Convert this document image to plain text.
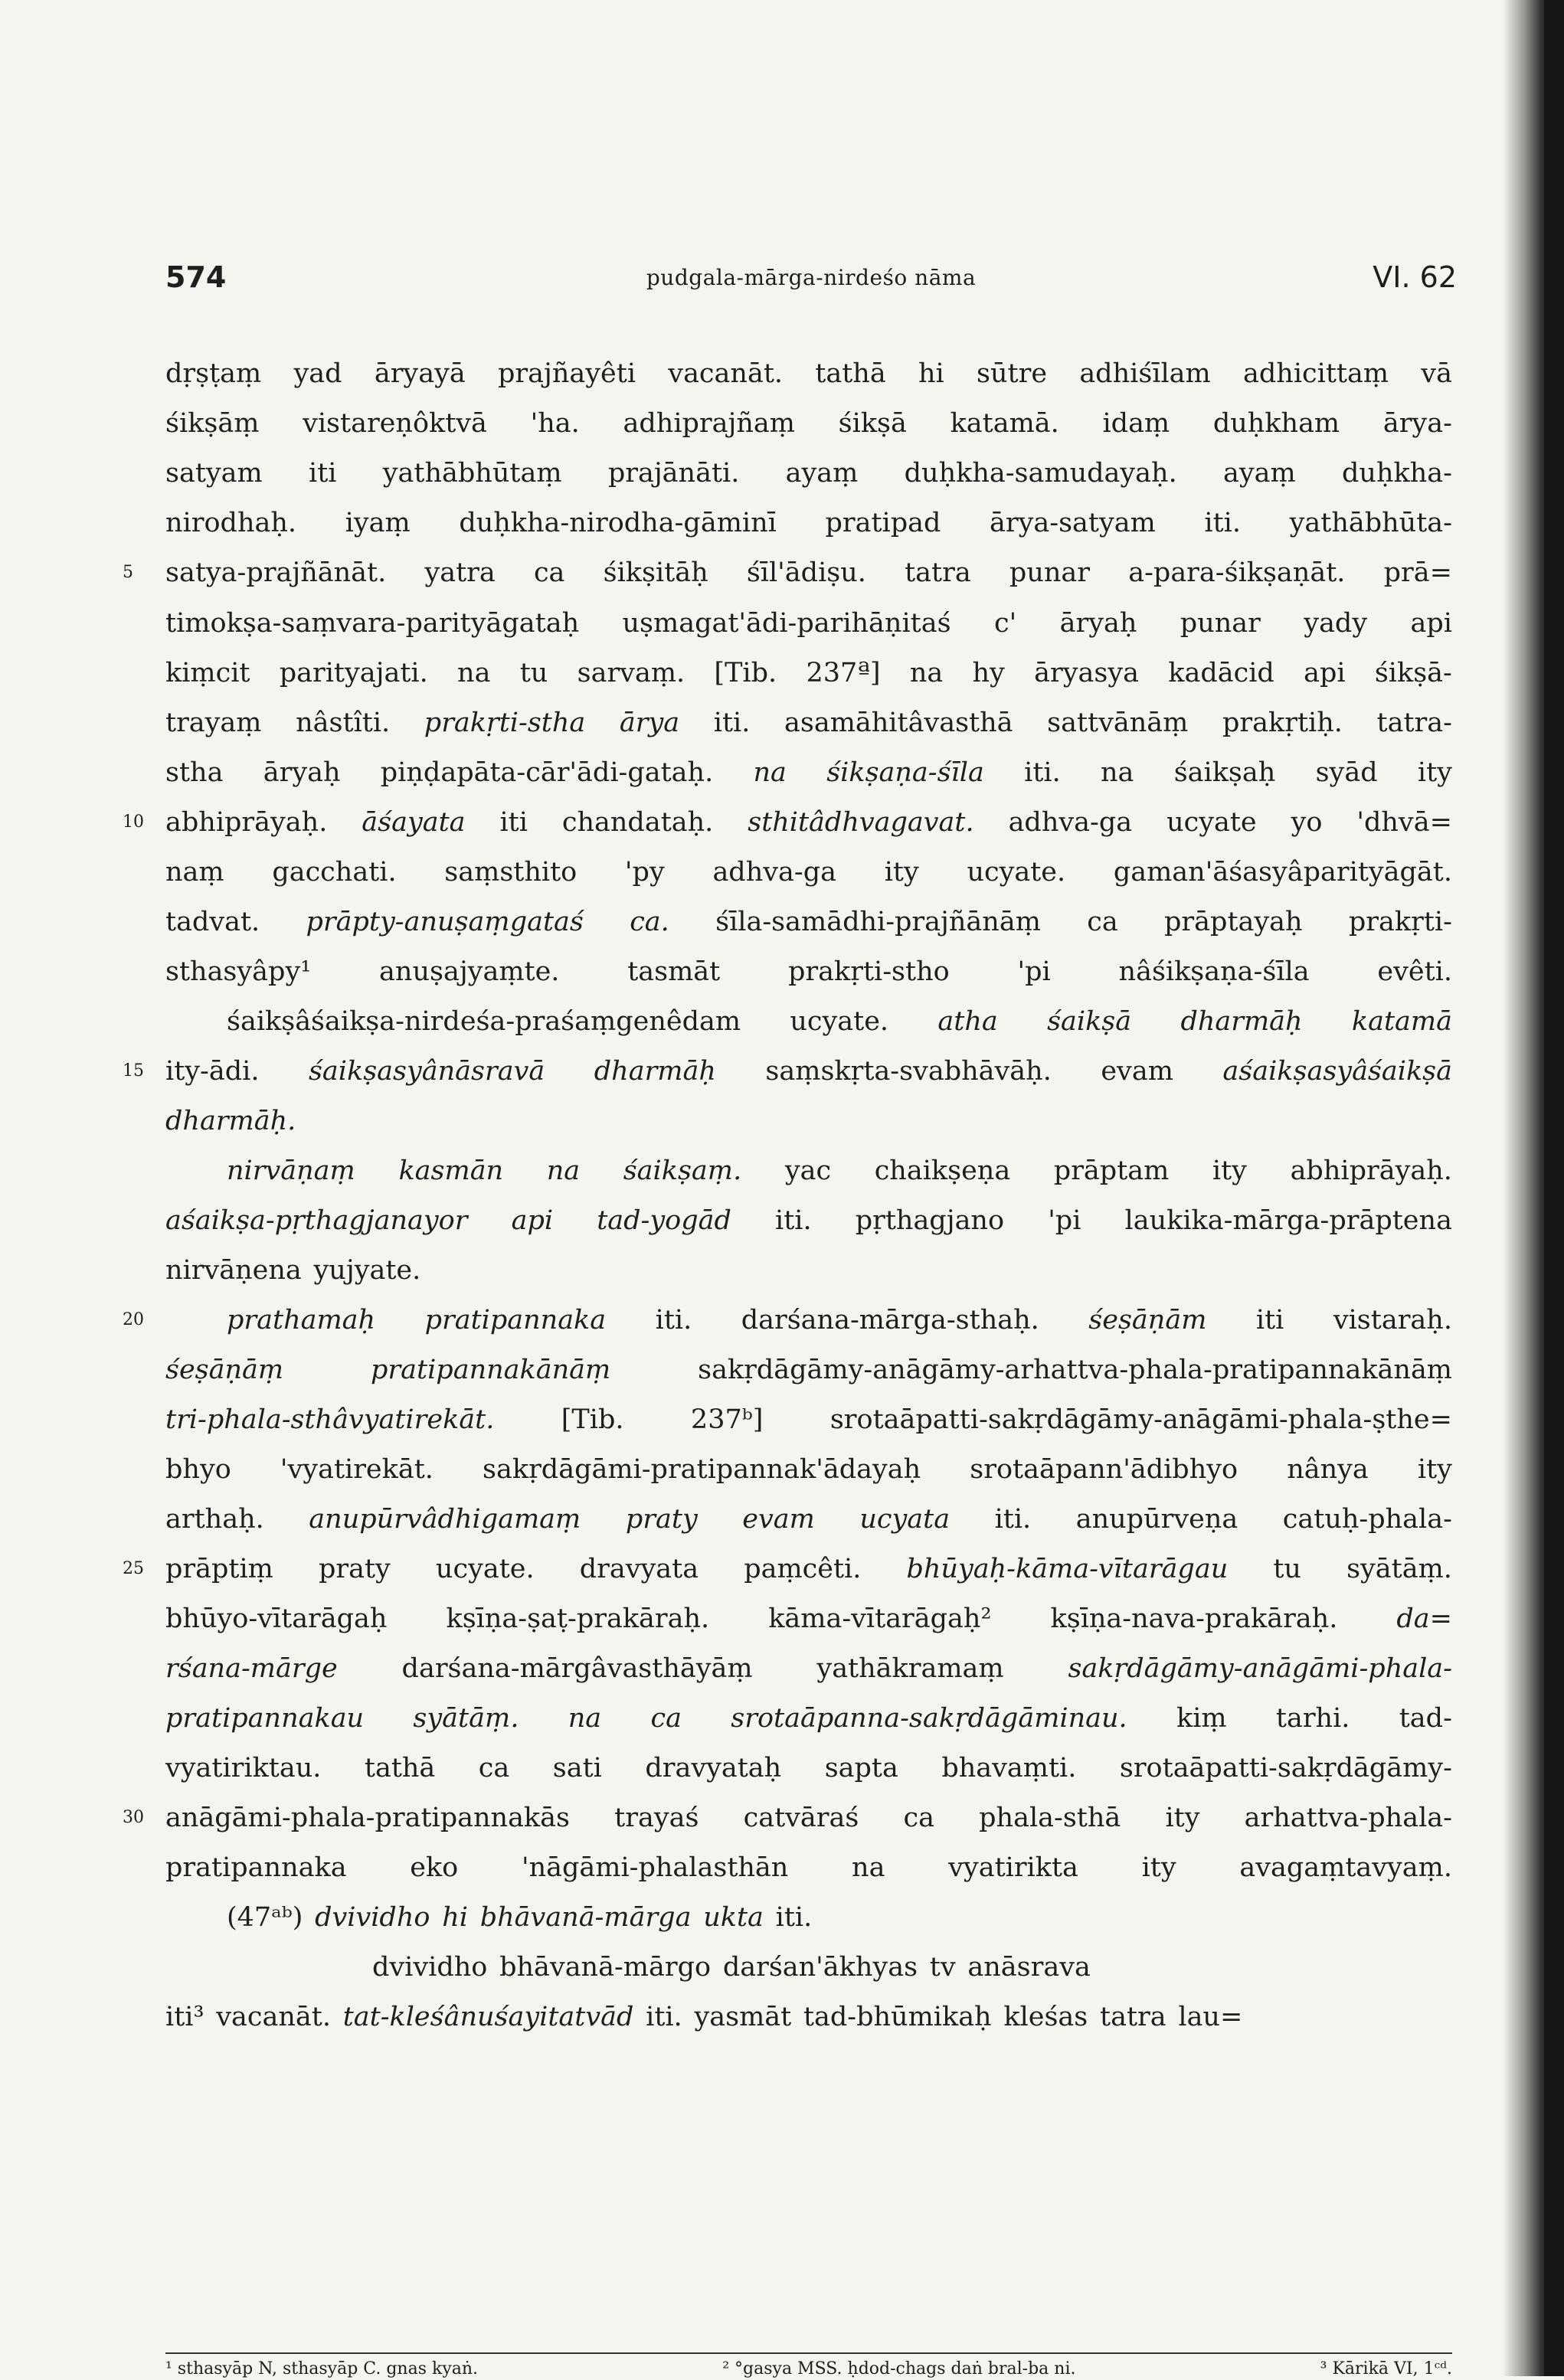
574	pudgala-mārga-nirdeśo nāma	VI. 62
dṛṣṭaṃ yad āryayā prajñayêti vacanāt. tathā hi sūtre adhiśīlam adhicittaṃ vā
śikṣāṃ vistareṇôktvā 'ha. adhiprajñaṃ śikṣā katamā. idaṃ duḥkham ārya-
satyam iti yathābhūtaṃ prajānāti. ayaṃ duḥkha-samudayaḥ. ayaṃ duḥkha-
nirodhaḥ. iyaṃ duḥkha-nirodha-gāminī pratipad ārya-satyam iti. yathābhūta-
satya-prajñānāt. yatra ca śikṣitāḥ śīl'ādiṣu. tatra punar a-para-śikṣaṇāt. prā=
timokṣa-saṃvara-parityāgataḥ uṣmagat'ādi-parihāṇitaś c' āryaḥ punar yady api
kiṃcit parityajati. na tu sarvaṃ. [Tib. 237ª] na hy āryasya kadācid api śikṣā-
trayaṃ nâstîti. prakṛti-stha ārya iti. asamāhitâvasthā sattvānāṃ prakṛtiḥ. tatra-
stha āryaḥ piṇḍapāta-cār'ādi-gataḥ. na śikṣaṇa-śīla iti. na śaikṣaḥ syād ity
abhiprāyaḥ. āśayata iti chandataḥ. sthitâdhvagavat. adhva-ga ucyate yo 'dhvā=
naṃ gacchati. saṃsthito 'py adhva-ga ity ucyate. gaman'āśasyâparityāgāt.
tadvat. prāpty-anuṣaṃgataś ca. śīla-samādhi-prajñānāṃ ca prāptayaḥ prakṛti-
sthasyâpy¹	anuṣajyaṃte.	tasmāt	prakṛti-stho	'pi	nâśikṣaṇa-śīla	evêti.
śaikṣâśaikṣa-nirdeśa-praśaṃgenêdam ucyate. atha śaikṣā dharmāḥ katamā
ity-ādi. śaikṣasyânāsravā dharmāḥ saṃskṛta-svabhāvāḥ. evam aśaikṣasyâśaikṣā
dharmāḥ.
nirvāṇaṃ kasmān na śaikṣaṃ. yac chaikṣeṇa prāptam ity abhiprāyaḥ.
aśaikṣa-pṛthagjanayor api tad-yogād iti. pṛthagjano 'pi laukika-mārga-prāptena
nirvāṇena yujyate.
prathamaḥ pratipannaka iti. darśana-mārga-sthaḥ. śeṣāṇām iti vistaraḥ.
śeṣāṇāṃ	pratipannakānāṃ	sakṛdāgāmy-anāgāmy-arhattva-phala-pratipannakānāṃ
tri-phala-sthâvyatirekāt. [Tib. 237ᵇ] srotaāpatti-sakṛdāgāmy-anāgāmi-phala-ṣthe=
bhyo 'vyatirekāt. sakṛdāgāmi-pratipannak'ādayaḥ srotaāpann'ādibhyo nânya ity
arthaḥ. anupūrvâdhigamaṃ praty evam ucyata iti. anupūrveṇa catuḥ-phala-
prāptiṃ praty ucyate. dravyata paṃcêti. bhūyaḥ-kāma-vītarāgau tu syātāṃ.
bhūyo-vītarāgaḥ kṣīṇa-ṣaṭ-prakāraḥ. kāma-vītarāgaḥ² kṣīṇa-nava-prakāraḥ. da=
rśana-mārge darśana-mārgâvasthāyāṃ yathākramaṃ sakṛdāgāmy-anāgāmi-phala-
pratipannakau syātāṃ. na ca srotaāpanna-sakṛdāgāminau. kiṃ tarhi. tad-
vyatiriktau. tathā ca sati dravyataḥ sapta bhavaṃti. srotaāpatti-sakṛdāgāmy-
anāgāmi-phala-pratipannakās trayaś catvāraś ca phala-sthā ity arhattva-phala-
pratipannaka eko 'nāgāmi-phalasthān na vyatirikta ity avagaṃtavyaṃ.
(47ᵃᵇ) dvividho hi bhāvanā-mārga ukta iti.
dvividho bhāvanā-mārgo darśan'ākhyas tv anāsrava
iti³ vacanāt. tat-kleśânuśayitatvād iti. yasmāt tad-bhūmikaḥ kleśas tatra lau=
5
10
15
20
25
30
¹ sthasyāp N, sthasyāp C. gnas kyaṅ.	² °gasya MSS. ḥdod-chags daṅ bral-ba ni.	³ Kārikā VI, 1ᶜᵈ.
